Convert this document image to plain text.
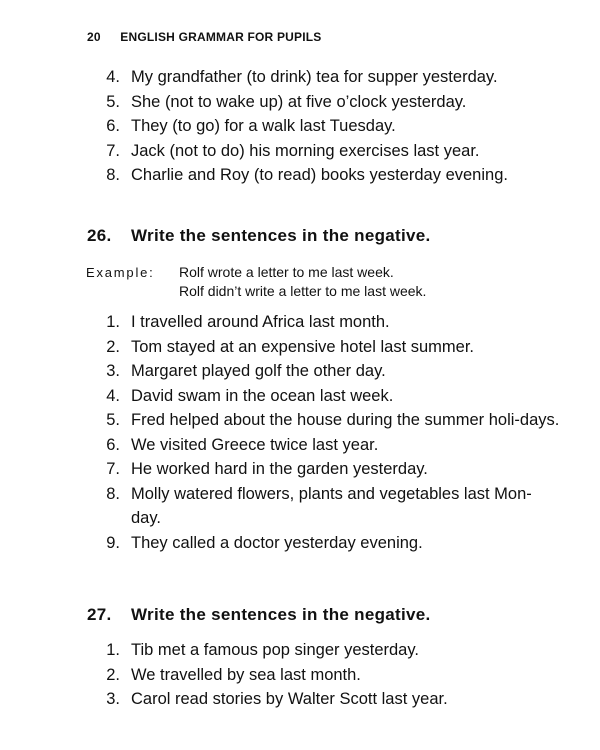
20 ENGLISH GRAMMAR FOR PUPILS
4. My grandfather (to drink) tea for supper yesterday.
5. She (not to wake up) at five o’clock yesterday.
6. They (to go) for a walk last Tuesday.
7. Jack (not to do) his morning exercises last year.
8. Charlie and Roy (to read) books yesterday evening.
26. Write the sentences in the negative.
Example: Rolf wrote a letter to me last week.
Rolf didn’t write a letter to me last week.
1. I travelled around Africa last month.
2. Tom stayed at an expensive hotel last summer.
3. Margaret played golf the other day.
4. David swam in the ocean last week.
5. Fred helped about the house during the summer holi-days.
6. We visited Greece twice last year.
7. He worked hard in the garden yesterday.
8. Molly watered flowers, plants and vegetables last Mon-day.
9. They called a doctor yesterday evening.
27. Write the sentences in the negative.
1. Tib met a famous pop singer yesterday.
2. We travelled by sea last month.
3. Carol read stories by Walter Scott last year.
